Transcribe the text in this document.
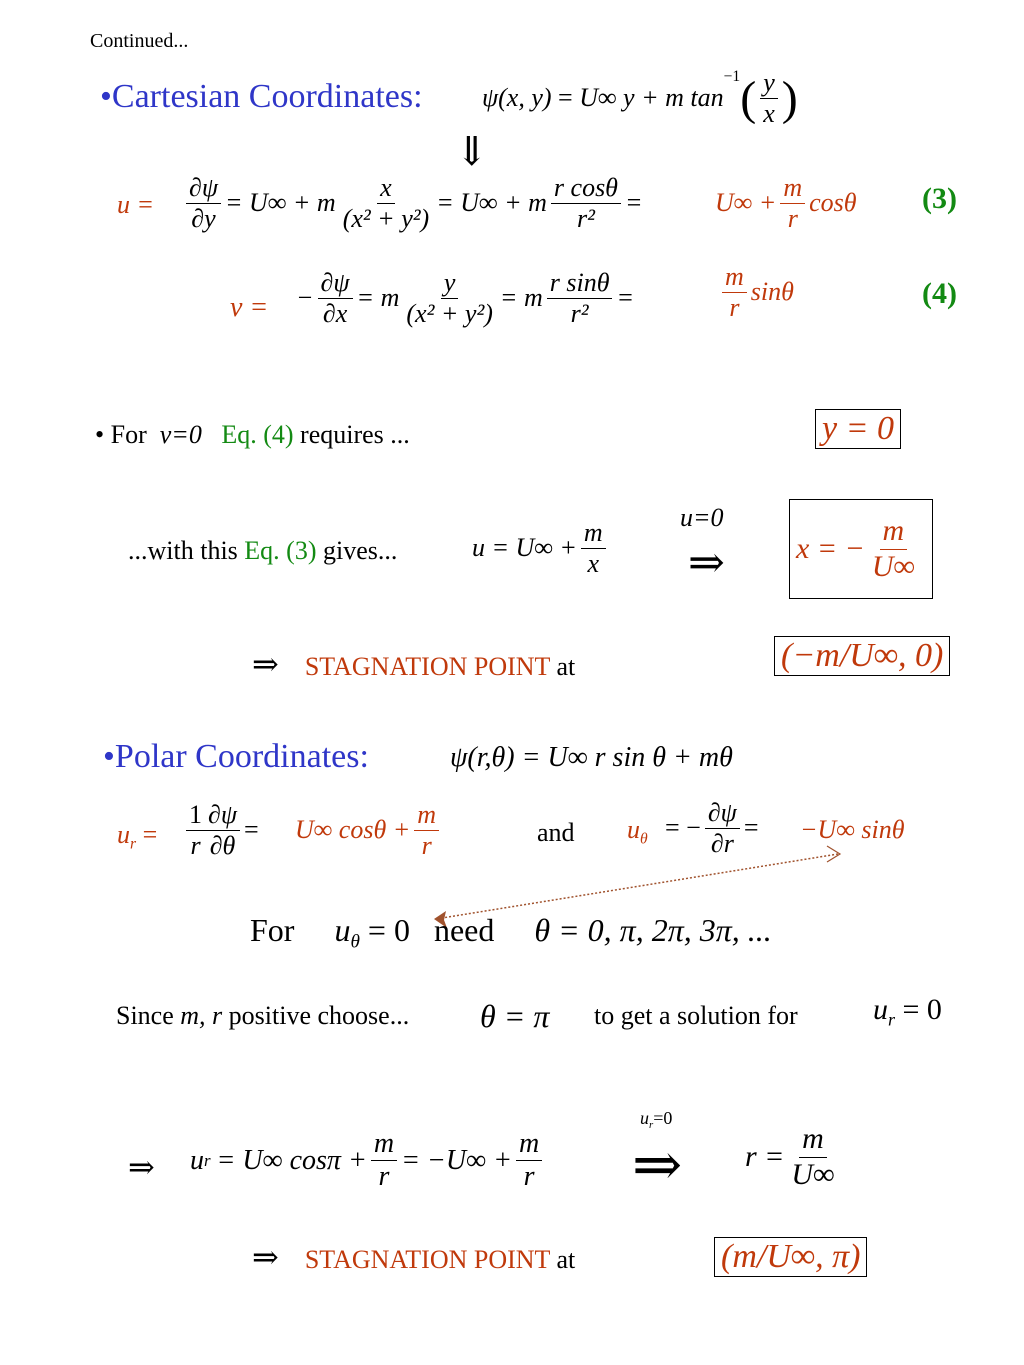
Continued...
•Cartesian Coordinates: ψ(x, y)
=
U∞ y + m tan
−1 ( $\frac{y}{x}$ )
⇓
$u = \frac{\partial\psi}{\partial y} = U\infty + m \frac{x}{\text{(x² + y²)}} = U\infty + m \frac{\text{r cosθ}}{\text{r²}}$ =	$U\infty + \frac{m}{r}$ cosθ (3)
v = − $\frac{\partial\psi}{\partial x} = m \frac{y}{\text{(x² + y²)}} = m \frac{\text{r sinθ}}{\text{r²}}$ =	$\frac{m}{r}$ sinθ	(4)
• For v=0 Eq. (4) requires ...	y = 0
...with this Eq. (3) gives...	$u = U\infty + \frac{m}{x}$
u=0
⇒ x = − $\frac{m}{U\infty}$
⇒ STAGNATION POINT at	(−m/U∞, 0)
•Polar Coordinates:	ψ(r,θ) = U∞ r sin θ + mθ
$u_r = \frac{1}{r} \frac{\partial\psi}{\partial\theta} = U\infty$ $\cos\theta + \frac{m}{r}$	and $u_\theta$ = − $\frac{\partial\psi}{\partial r} = -U\infty$ sinθ
For $u_\theta = 0$ need θ = 0, π, 2π, 3π, ...
Since m, r positive choose... θ = π to get a solution for	$u_r = 0$
⇒ u r = U∞ $\cos\pi + \frac{m}{r} = -U\infty + \frac{m}{r}$
$u_r=0$
⇒ $r = \frac{m}{U\infty}$
⇒ STAGNATION POINT at	(m/U∞, π)
